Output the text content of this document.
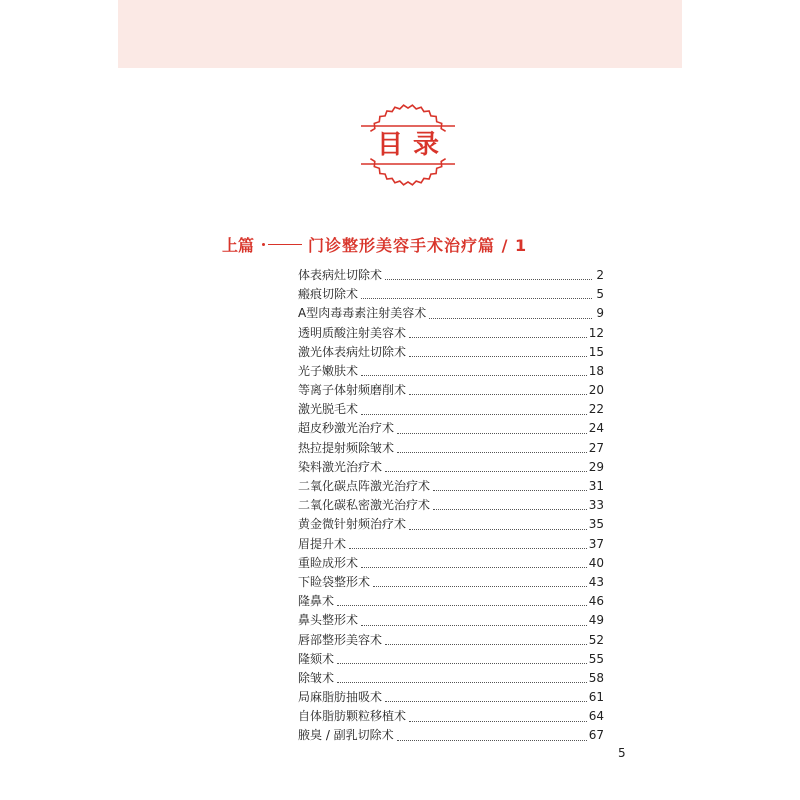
目录
上篇	门诊整形美容手术治疗篇 / 1
体表病灶切除术	2
瘢痕切除术	5
A型肉毒毒素注射美容术	9
透明质酸注射美容术	12
激光体表病灶切除术	15
光子嫩肤术	18
等离子体射频磨削术	20
激光脱毛术	22
超皮秒激光治疗术	24
热拉提射频除皱术	27
染料激光治疗术	29
二氧化碳点阵激光治疗术	31
二氧化碳私密激光治疗术	33
黄金微针射频治疗术	35
眉提升术	37
重睑成形术	40
下睑袋整形术	43
隆鼻术	46
鼻头整形术	49
唇部整形美容术	52
隆颏术	55
除皱术	58
局麻脂肪抽吸术	61
自体脂肪颗粒移植术	64
腋臭 / 副乳切除术	67
5
